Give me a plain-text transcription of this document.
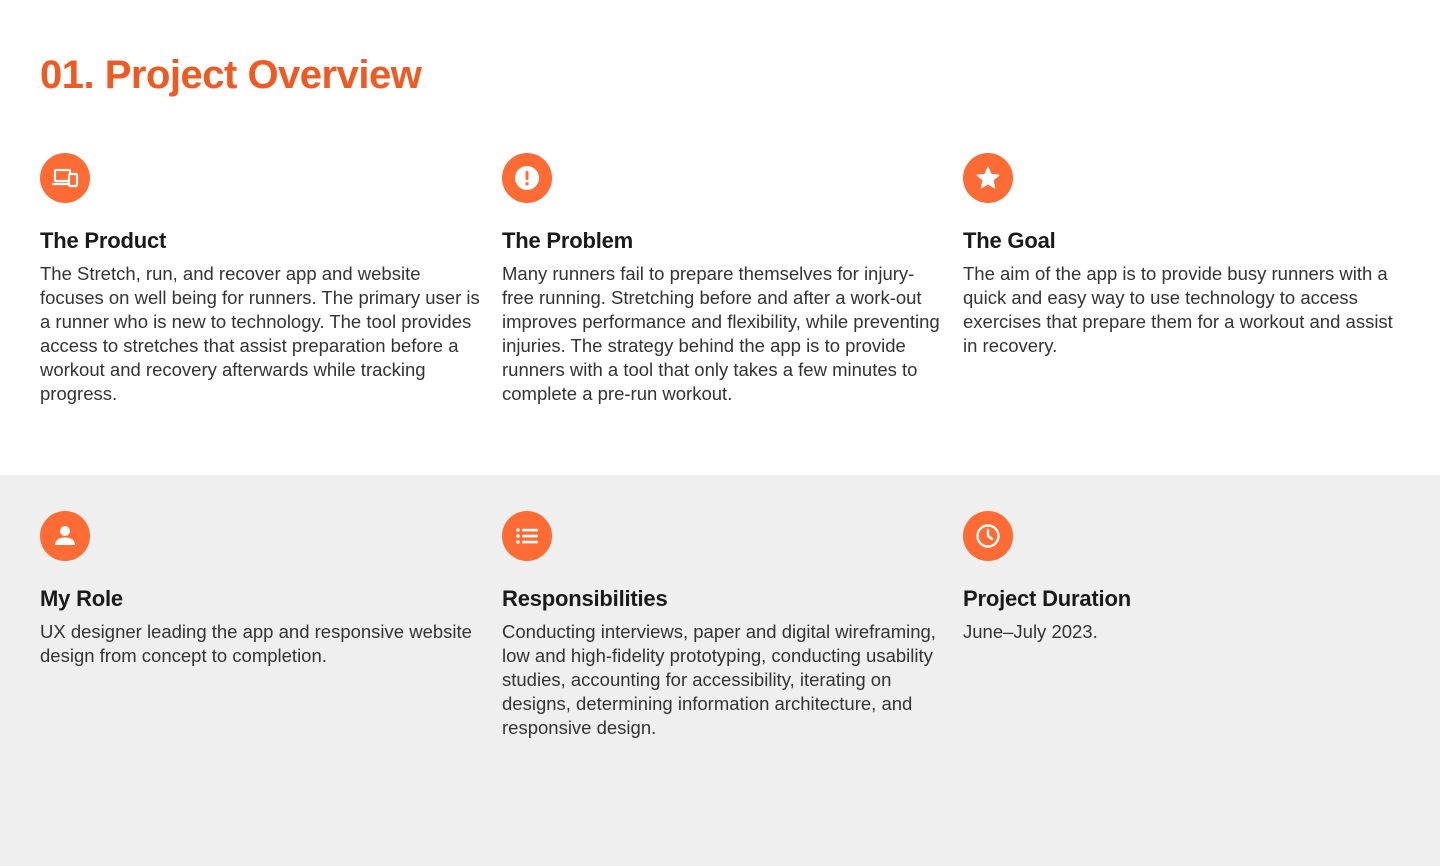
01. Project Overview
The Product

The Stretch, run, and recover app and website focuses on well being for runners. The primary user is a runner who is new to technology. The tool provides access to stretches that assist preparation before a workout and recovery afterwards while tracking progress.

The Problem

Many runners fail to prepare themselves for injury-free running. Stretching before and after a work-out improves performance and flexibility, while preventing injuries. The strategy behind the app is to provide runners with a tool that only takes a few minutes to complete a pre-run workout.

The Goal

The aim of the app is to provide busy runners with a quick and easy way to use technology to access exercises that prepare them for a workout and assist in recovery.

My Role

UX designer leading the app and responsive website design from concept to completion.

Responsibilities

Conducting interviews, paper and digital wireframing, low and high-fidelity prototyping, conducting usability studies, accounting for accessibility, iterating on designs, determining information architecture, and responsive design.

Project Duration

June–July 2023.
